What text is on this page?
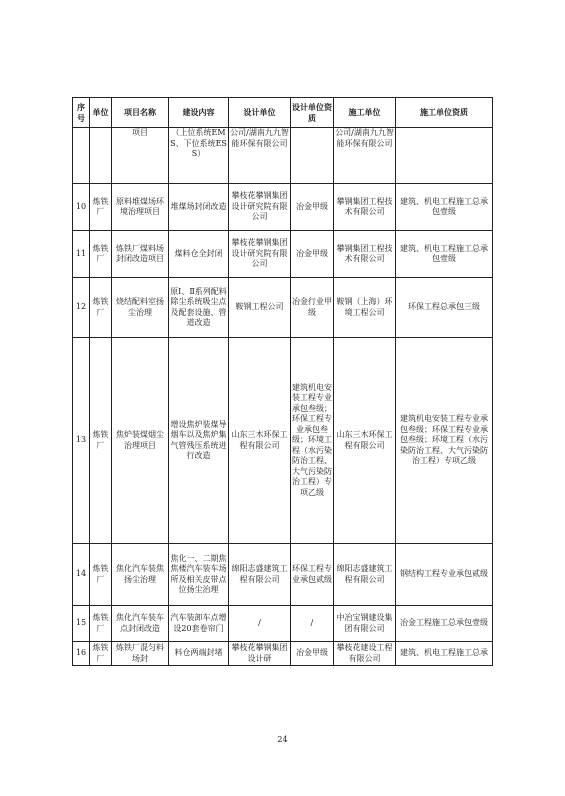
序号	单位	项目名称	建设内容	设计单位	设计单位资质	施工单位	施工单位资质
		项目	（上位系统EMS、下位系统ESS）	公司/湖南九九智能环保有限公司		公司/湖南九九智能环保有限公司	
10	炼铁厂	原料堆煤场环境治理项目	堆煤场封闭改造	攀枝花攀钢集团设计研究院有限公司	冶金甲级	攀钢集团工程技术有限公司	建筑、机电工程施工总承包壹级
11	炼铁厂	炼铁厂煤料场封闭改造项目	煤料仓全封闭	攀枝花攀钢集团设计研究院有限公司	冶金甲级	攀钢集团工程技术有限公司	建筑、机电工程施工总承包壹级
12	炼铁厂	烧结配料室扬尘治理	原Ⅰ、Ⅱ系列配料除尘系统吸尘点及配套设施、管道改造	鞍钢工程公司	冶金行业甲级	鞍钢（上海）环境工程公司	环保工程总承包三级
13	炼铁厂	焦炉装煤烟尘治理项目	增设焦炉装煤导烟车以及焦炉集气管残压系统进行改造	山东三木环保工程有限公司	建筑机电安装工程专业承包叁级；环保工程专业承包叁级；环境工程（水污染防治工程、大气污染防治工程）专项乙级	山东三木环保工程有限公司	建筑机电安装工程专业承包叁级；环保工程专业承包叁级；环境工程（水污染防治工程、大气污染防治工程）专项乙级
14	炼铁厂	焦化汽车装焦扬尘治理	焦化一、二期焦焦楼汽车装车场所及相关皮带点位扬尘治理	绵阳志盛建筑工程有限公司	环保工程专业承包贰级	绵阳志盛建筑工程有限公司	钢结构工程专业承包贰级
15	炼铁厂	焦化汽车装车点封闭改造	汽车装卸车点增设20套卷帘门	/	/	中冶宝钢建设集团有限公司	冶金工程施工总承包壹级
16	炼铁厂	炼铁厂混匀料场封	料仓两端封堵	攀枝花攀钢集团设计研	冶金甲级	攀枝花建设工程有限公司	建筑、机电工程施工总承
24
